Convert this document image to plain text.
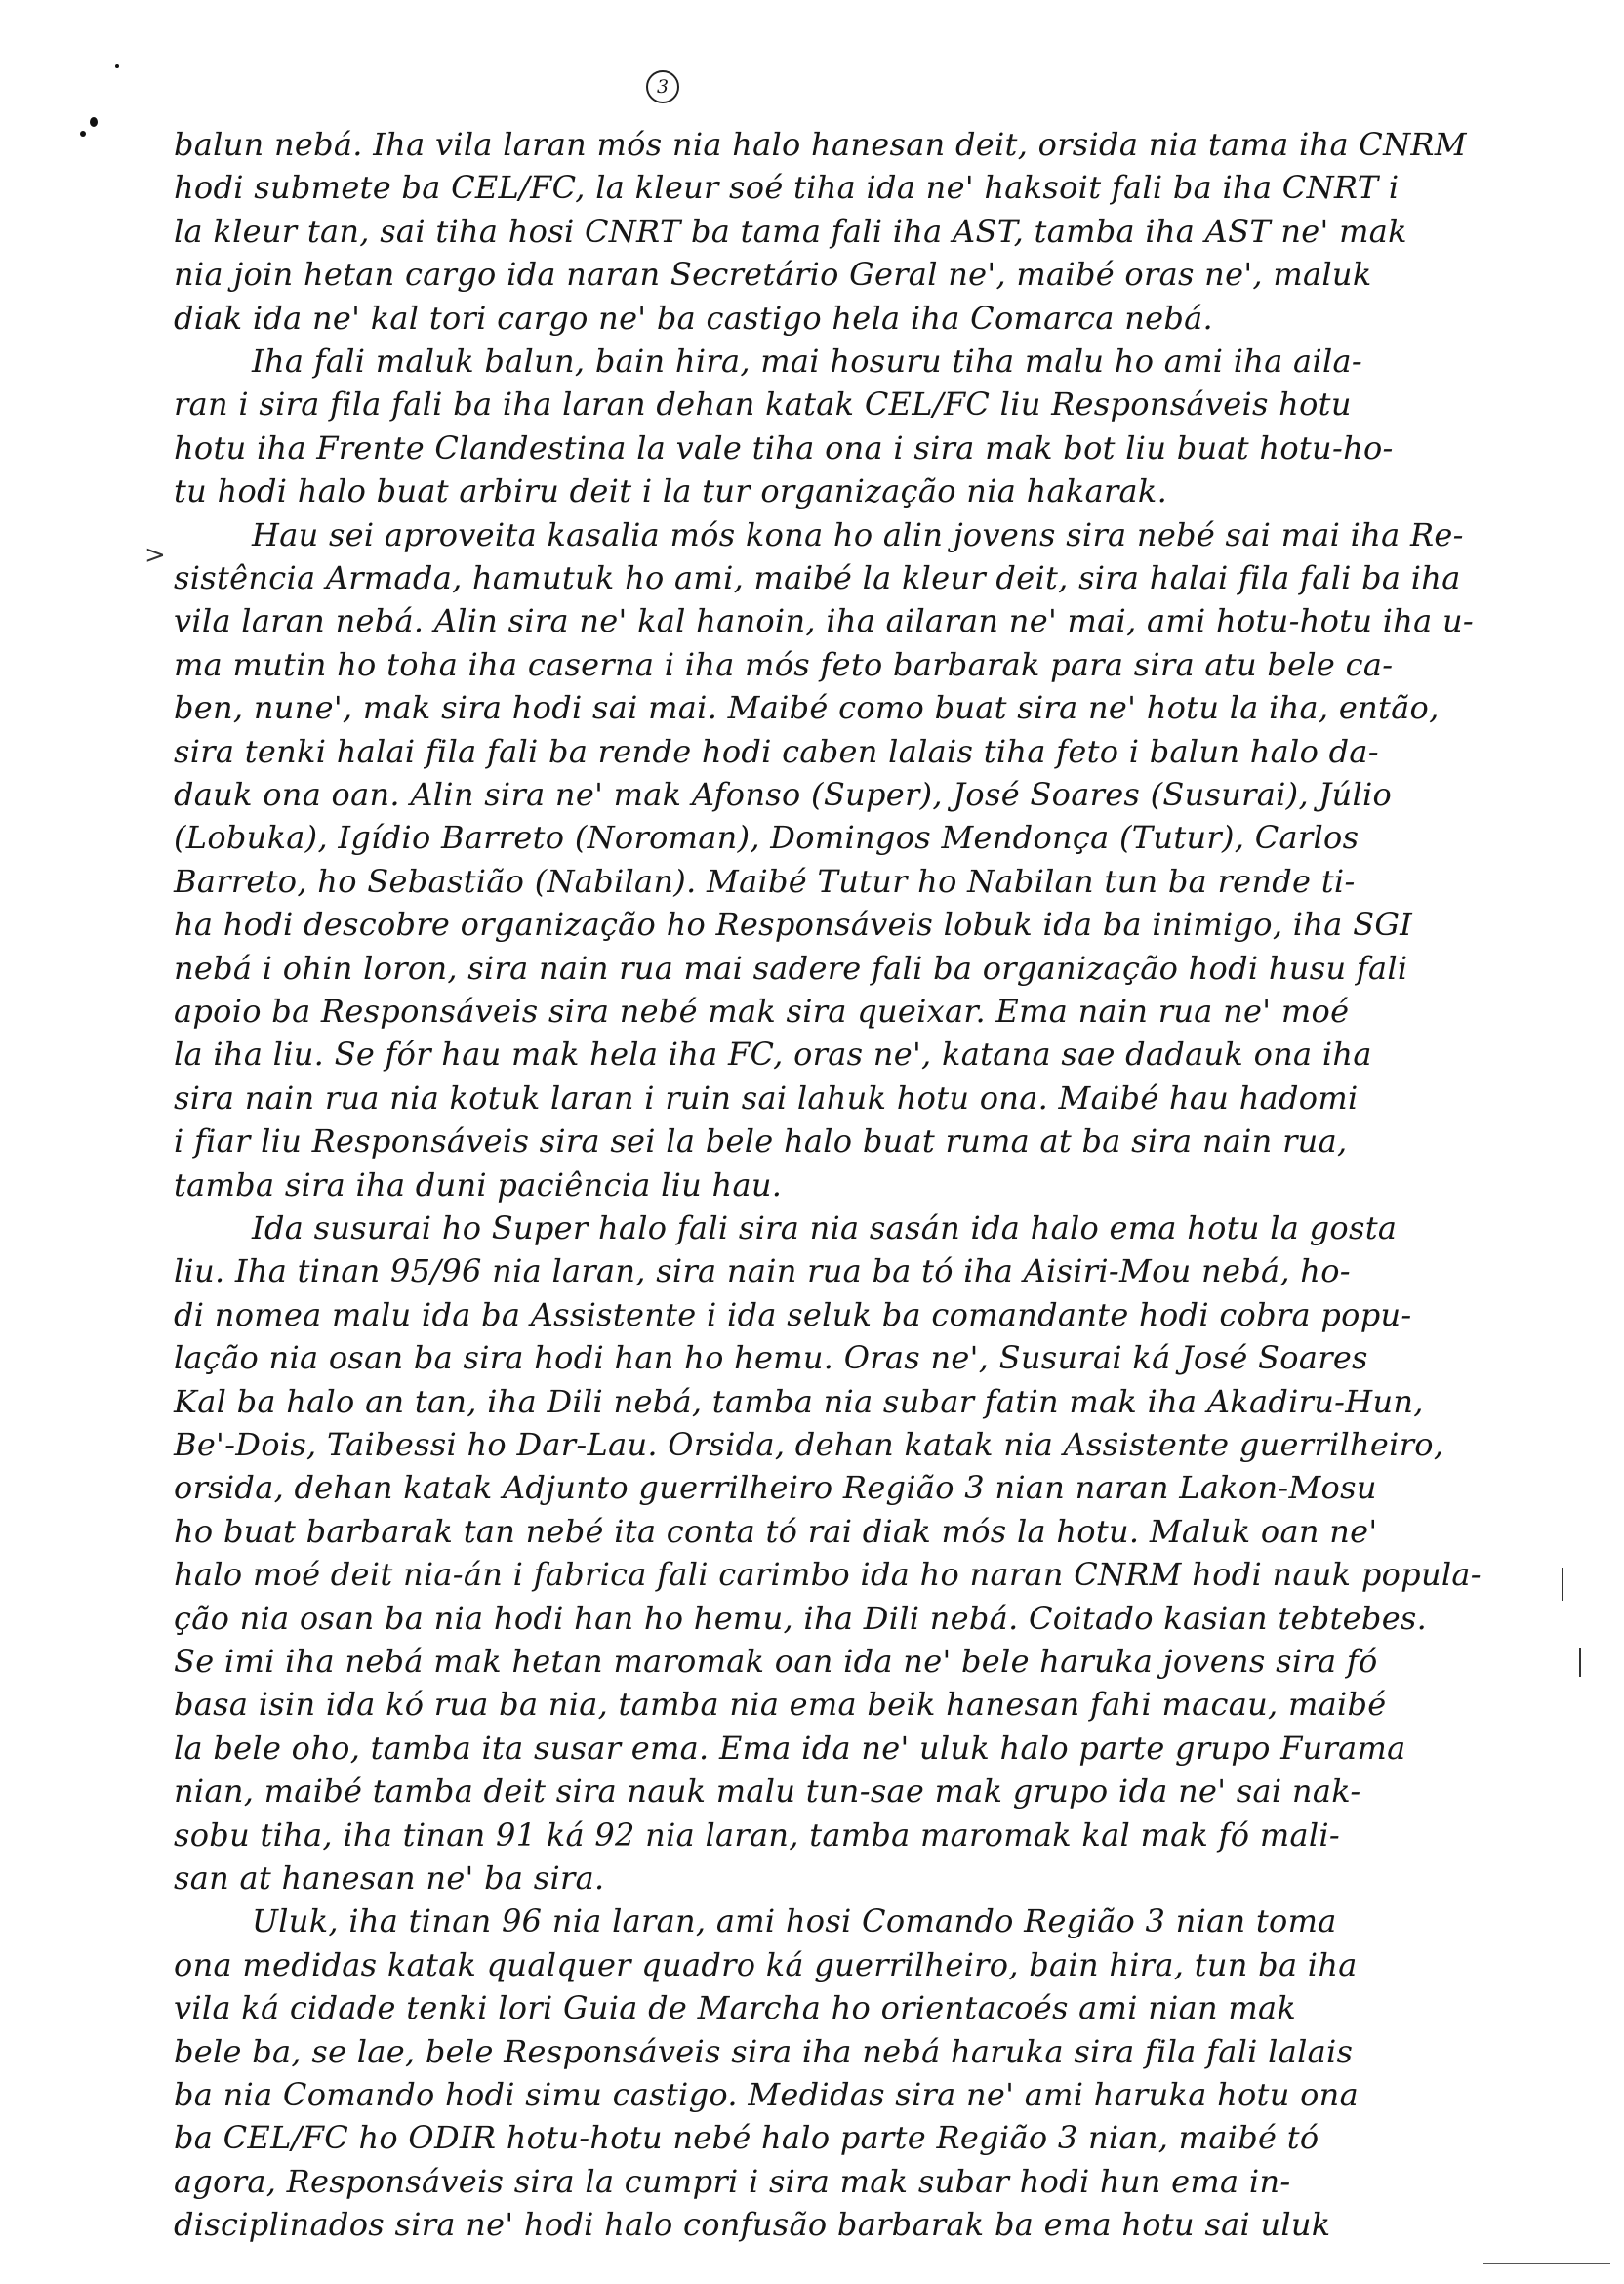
3
>
balun nebá. Iha vila laran mós nia halo hanesan deit, orsida nia tama iha CNRM
hodi submete ba CEL/FC, la kleur soé tiha ida ne' haksoit fali ba iha CNRT i
la kleur tan, sai tiha hosi CNRT ba tama fali iha AST, tamba iha AST ne' mak
nia join hetan cargo ida naran Secretário Geral ne', maibé oras ne', maluk
diak ida ne' kal tori cargo ne' ba castigo hela iha Comarca nebá.
Iha fali maluk balun, bain hira, mai hosuru tiha malu ho ami iha aila-
ran i sira fila fali ba iha laran dehan katak CEL/FC liu Responsáveis hotu
hotu iha Frente Clandestina la vale tiha ona i sira mak bot liu buat hotu-ho-
tu hodi halo buat arbiru deit i la tur organização nia hakarak.
Hau sei aproveita kasalia mós kona ho alin jovens sira nebé sai mai iha Re-
sistência Armada, hamutuk ho ami, maibé la kleur deit, sira halai fila fali ba iha
vila laran nebá. Alin sira ne' kal hanoin, iha ailaran ne' mai, ami hotu-hotu iha u-
ma mutin ho toha iha caserna i iha mós feto barbarak para sira atu bele ca-
ben, nune', mak sira hodi sai mai. Maibé como buat sira ne' hotu la iha, então,
sira tenki halai fila fali ba rende hodi caben lalais tiha feto i balun halo da-
dauk ona oan. Alin sira ne' mak Afonso (Super), José Soares (Susurai), Júlio
(Lobuka), Igídio Barreto (Noroman), Domingos Mendonça (Tutur), Carlos
Barreto, ho Sebastião (Nabilan). Maibé Tutur ho Nabilan tun ba rende ti-
ha hodi descobre organização ho Responsáveis lobuk ida ba inimigo, iha SGI
nebá i ohin loron, sira nain rua mai sadere fali ba organização hodi husu fali
apoio ba Responsáveis sira nebé mak sira queixar. Ema nain rua ne' moé
la iha liu. Se fór hau mak hela iha FC, oras ne', katana sae dadauk ona iha
sira nain rua nia kotuk laran i ruin sai lahuk hotu ona. Maibé hau hadomi
i fiar liu Responsáveis sira sei la bele halo buat ruma at ba sira nain rua,
tamba sira iha duni paciência liu hau.
Ida susurai ho Super halo fali sira nia sasán ida halo ema hotu la gosta
liu. Iha tinan 95/96 nia laran, sira nain rua ba tó iha Aisiri-Mou nebá, ho-
di nomea malu ida ba Assistente i ida seluk ba comandante hodi cobra popu-
lação nia osan ba sira hodi han ho hemu. Oras ne', Susurai ká José Soares
Kal ba halo an tan, iha Dili nebá, tamba nia subar fatin mak iha Akadiru-Hun,
Be'-Dois, Taibessi ho Dar-Lau. Orsida, dehan katak nia Assistente guerrilheiro,
orsida, dehan katak Adjunto guerrilheiro Região 3 nian naran Lakon-Mosu
ho buat barbarak tan nebé ita conta tó rai diak mós la hotu. Maluk oan ne'
halo moé deit nia-án i fabrica fali carimbo ida ho naran CNRM hodi nauk popula-
ção nia osan ba nia hodi han ho hemu, iha Dili nebá. Coitado kasian tebtebes.
Se imi iha nebá mak hetan maromak oan ida ne' bele haruka jovens sira fó
basa isin ida kó rua ba nia, tamba nia ema beik hanesan fahi macau, maibé
la bele oho, tamba ita susar ema. Ema ida ne' uluk halo parte grupo Furama
nian, maibé tamba deit sira nauk malu tun-sae mak grupo ida ne' sai nak-
sobu tiha, iha tinan 91 ká 92 nia laran, tamba maromak kal mak fó mali-
san at hanesan ne' ba sira.
Uluk, iha tinan 96 nia laran, ami hosi Comando Região 3 nian toma
ona medidas katak qualquer quadro ká guerrilheiro, bain hira, tun ba iha
vila ká cidade tenki lori Guia de Marcha ho orientacoés ami nian mak
bele ba, se lae, bele Responsáveis sira iha nebá haruka sira fila fali lalais
ba nia Comando hodi simu castigo. Medidas sira ne' ami haruka hotu ona
ba CEL/FC ho ODIR hotu-hotu nebé halo parte Região 3 nian, maibé tó
agora, Responsáveis sira la cumpri i sira mak subar hodi hun ema in-
disciplinados sira ne' hodi halo confusão barbarak ba ema hotu sai uluk
